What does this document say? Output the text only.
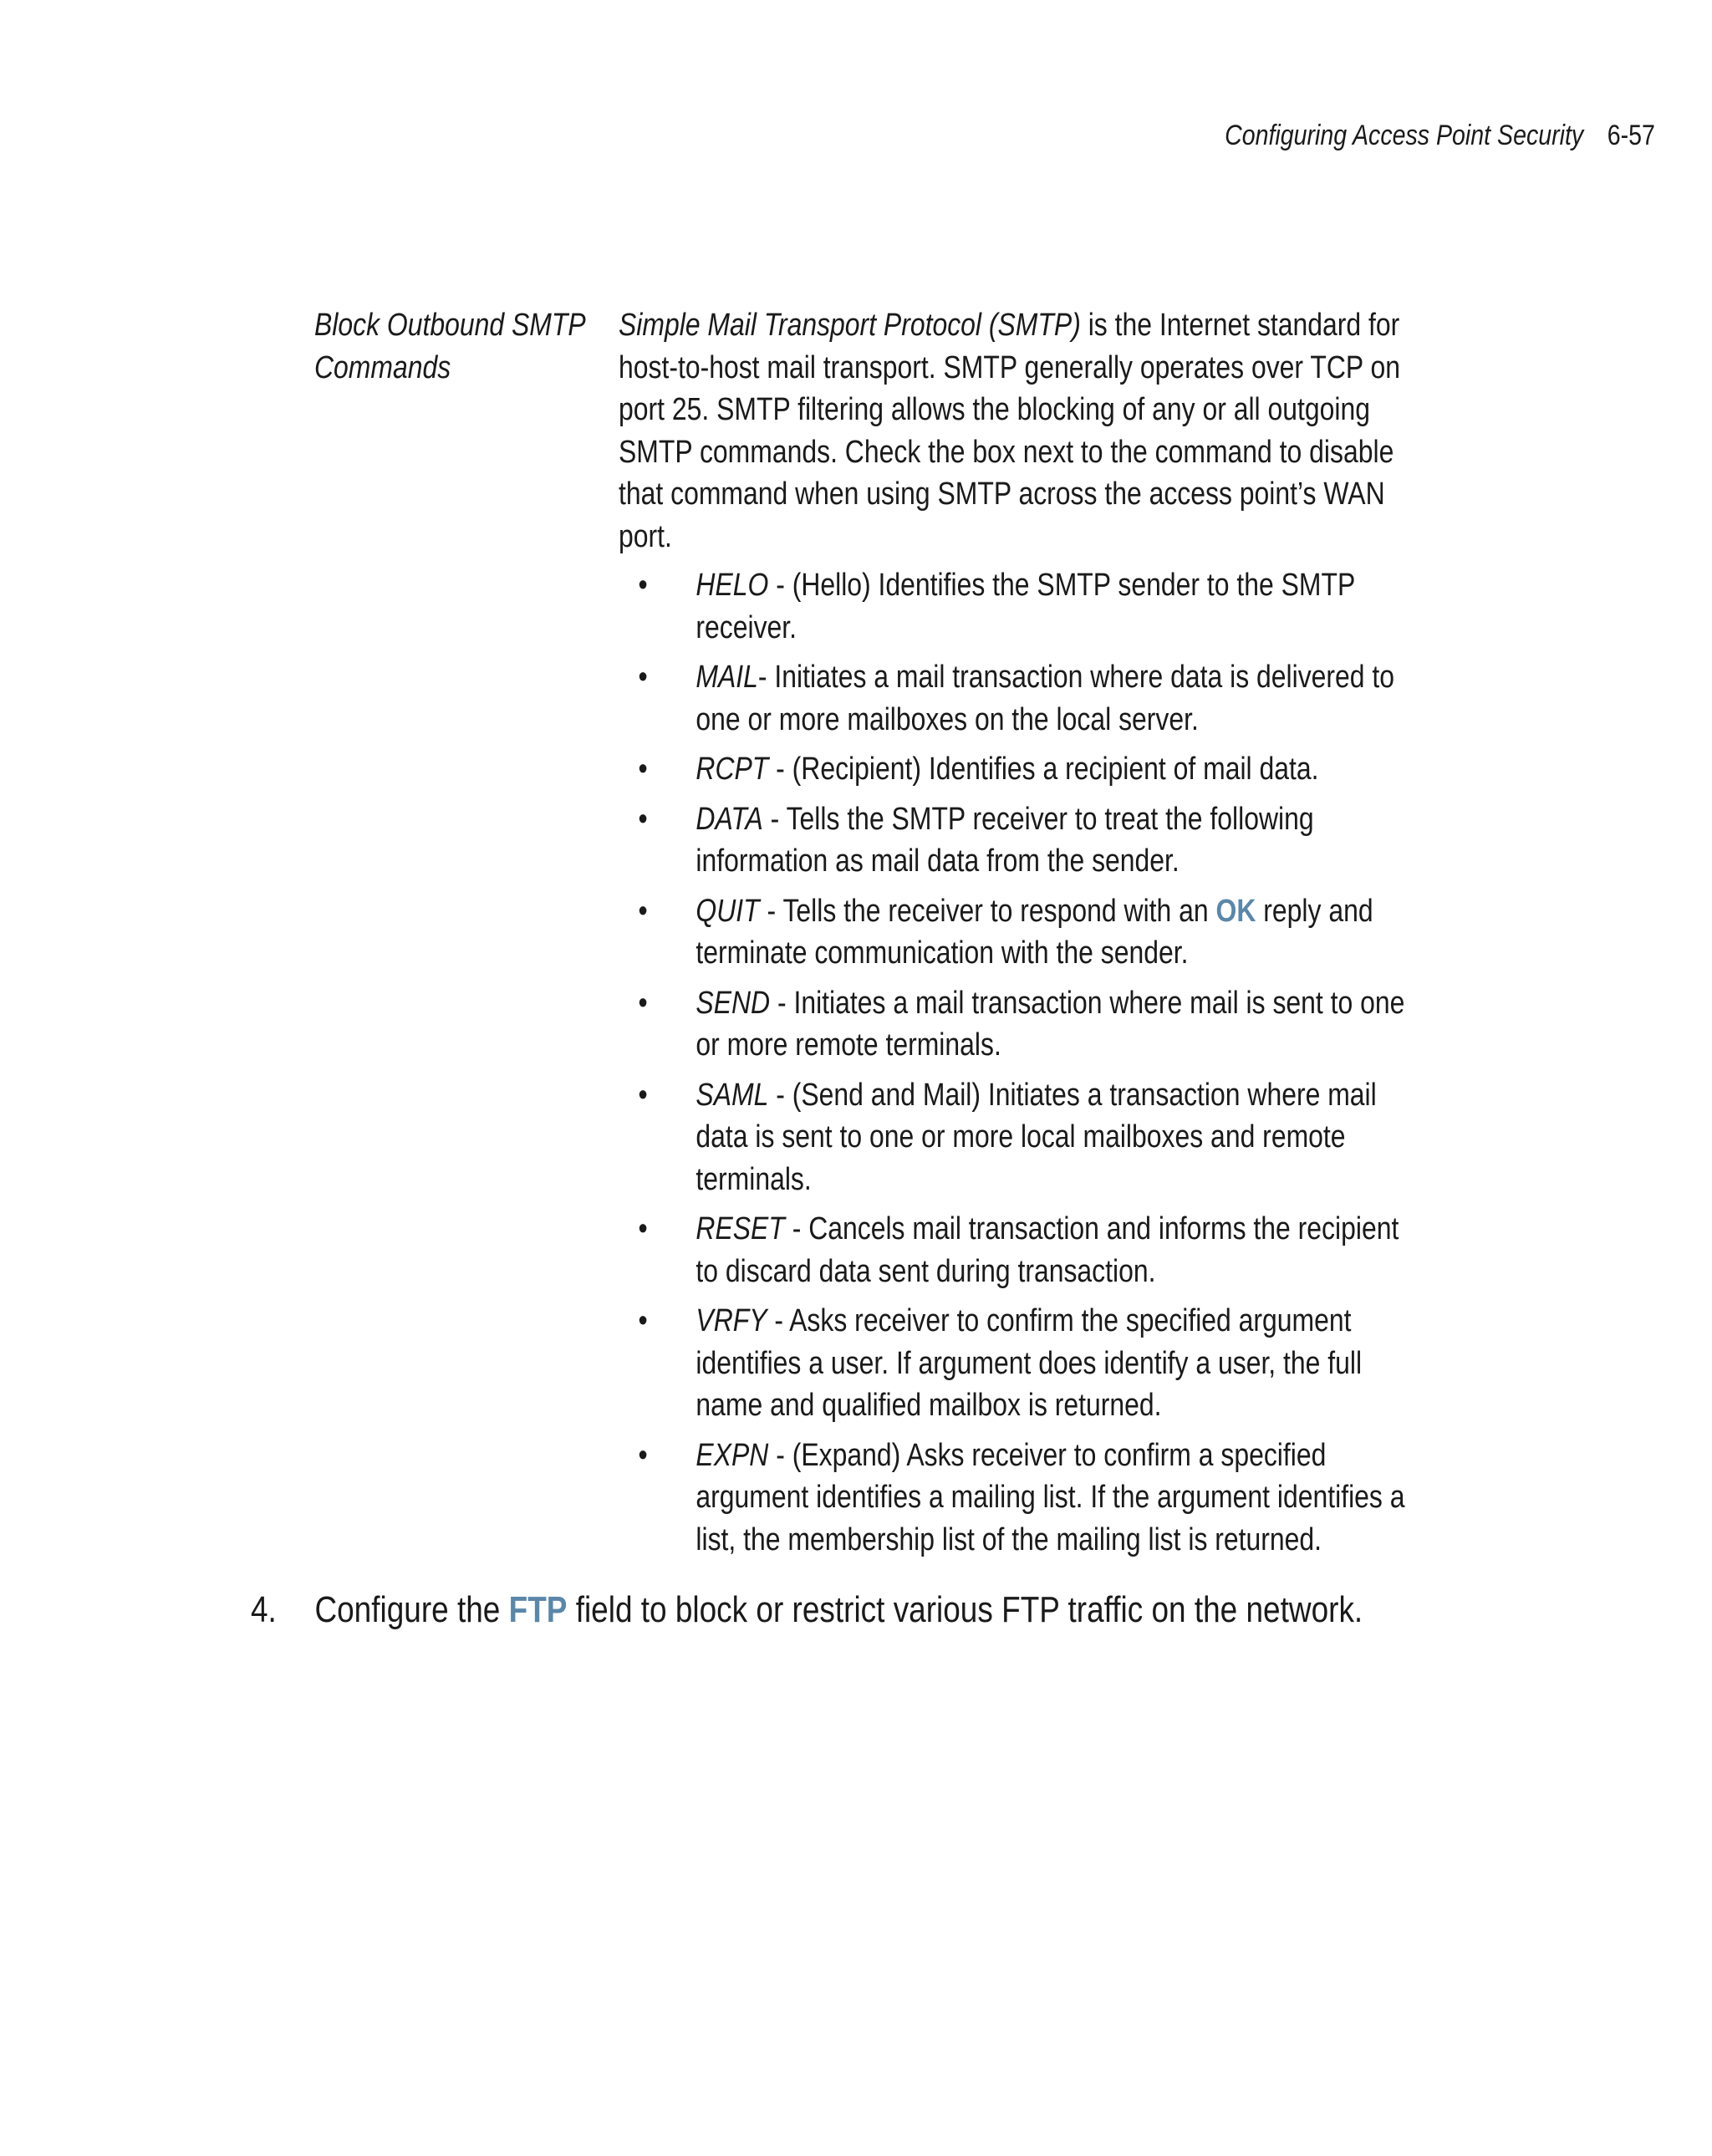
Configuring Access Point Security 6-57
Block Outbound SMTP Commands

Simple Mail Transport Protocol (SMTP) is the Internet standard for host-to-host mail transport. SMTP generally operates over TCP on port 25. SMTP filtering allows the blocking of any or all outgoing SMTP commands. Check the box next to the command to disable that command when using SMTP across the access point’s WAN port.

• HELO - (Hello) Identifies the SMTP sender to the SMTP receiver.
• MAIL- Initiates a mail transaction where data is delivered to one or more mailboxes on the local server.
• RCPT - (Recipient) Identifies a recipient of mail data.
• DATA - Tells the SMTP receiver to treat the following information as mail data from the sender.
• QUIT - Tells the receiver to respond with an OK reply and terminate communication with the sender.
• SEND - Initiates a mail transaction where mail is sent to one or more remote terminals.
• SAML - (Send and Mail) Initiates a transaction where mail data is sent to one or more local mailboxes and remote terminals.
• RESET - Cancels mail transaction and informs the recipient to discard data sent during transaction.
• VRFY - Asks receiver to confirm the specified argument identifies a user. If argument does identify a user, the full name and qualified mailbox is returned.
• EXPN - (Expand) Asks receiver to confirm a specified argument identifies a mailing list. If the argument identifies a list, the membership list of the mailing list is returned.
4. Configure the FTP field to block or restrict various FTP traffic on the network.
